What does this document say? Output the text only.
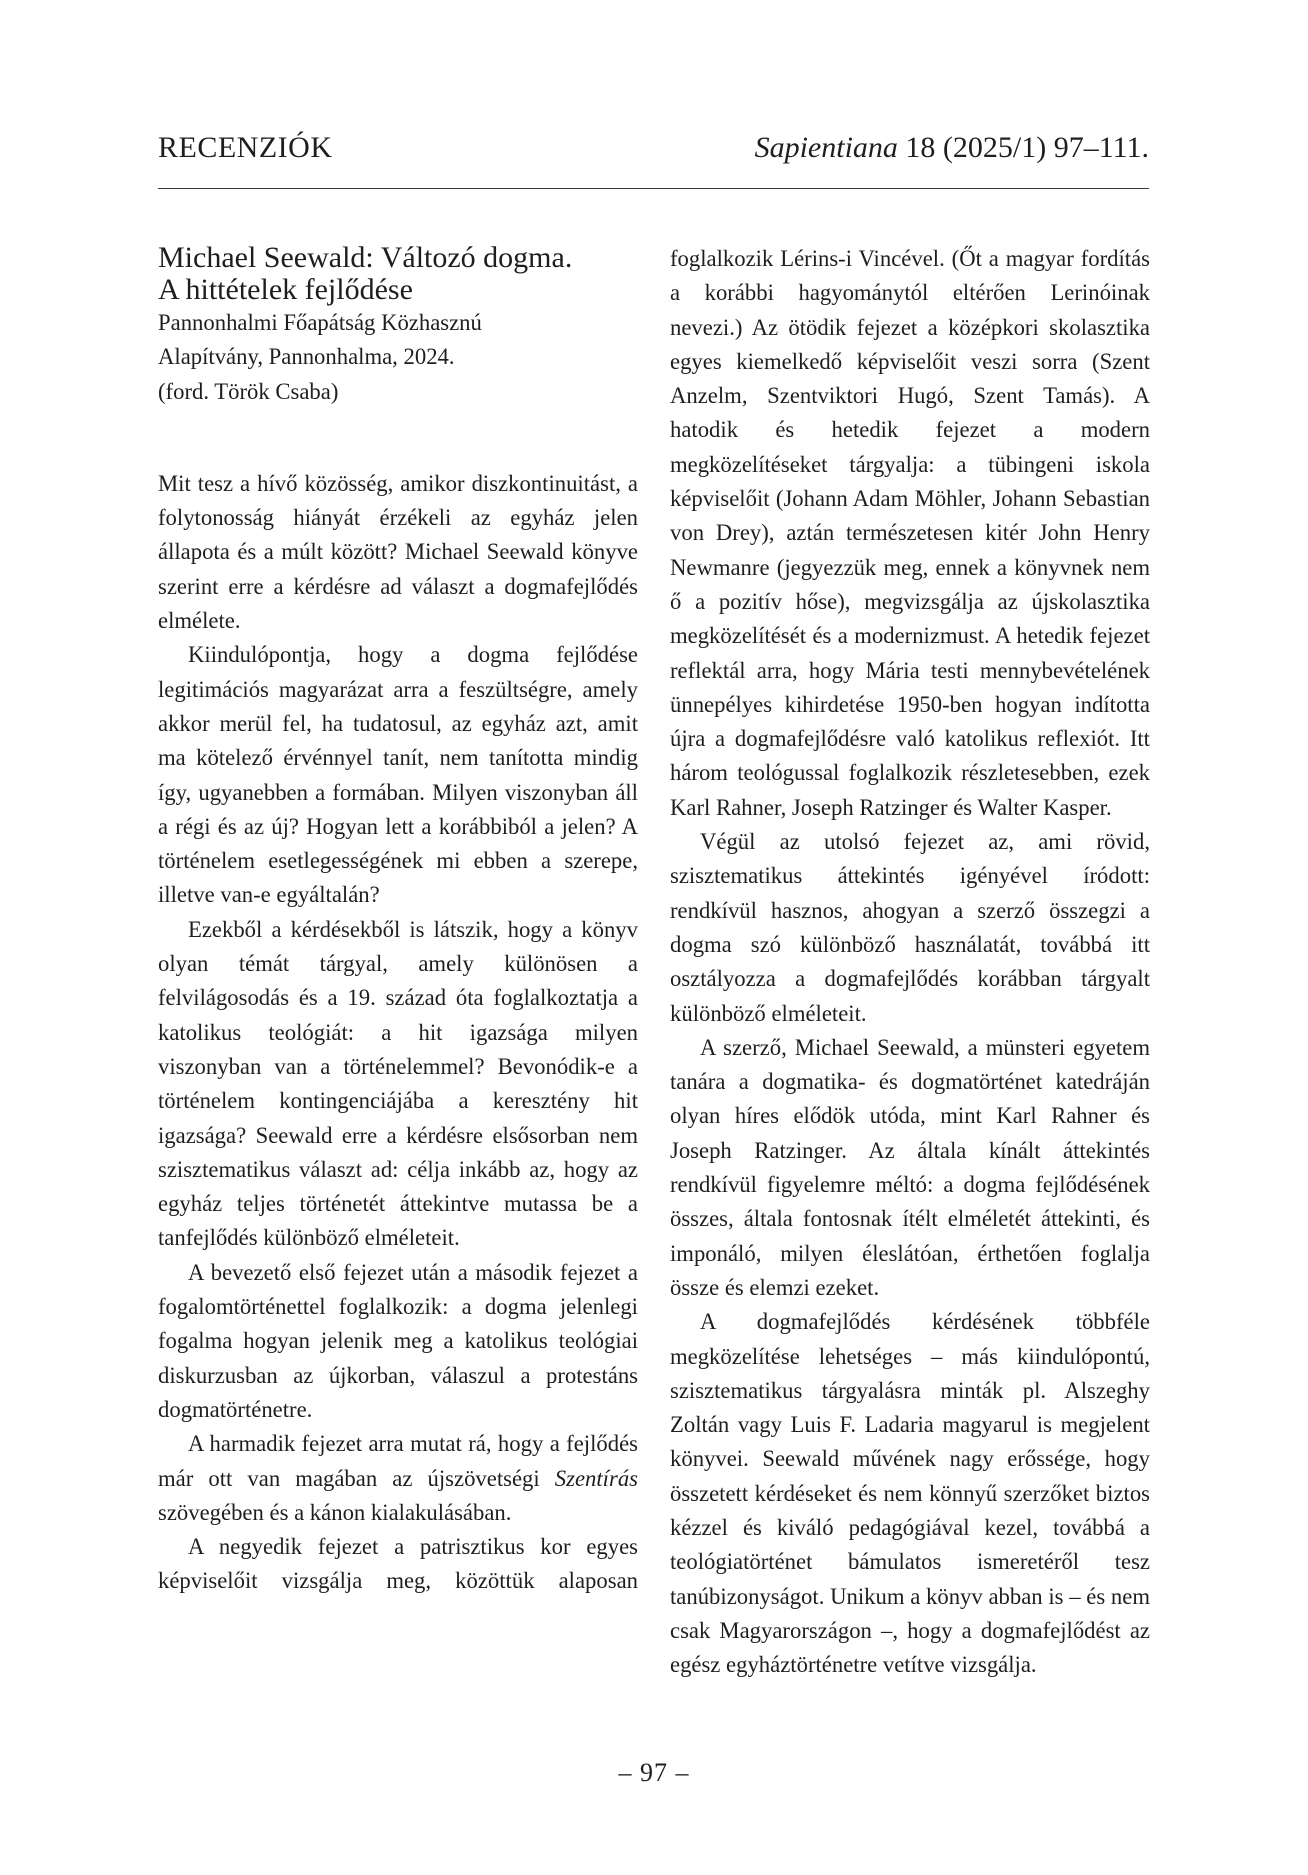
RECENZIÓK	Sapientiana 18 (2025/1) 97–111.
Michael Seewald: Változó dogma.
A hittételek fejlődése
Pannonhalmi Főapátság Közhasznú
Alapítvány, Pannonhalma, 2024.
(ford. Török Csaba)

Mit tesz a hívő közösség, amikor diszkontinuitást, a folytonosság hiányát érzékeli az egyház jelen állapota és a múlt között? Michael Seewald könyve szerint erre a kérdésre ad választ a dogmafejlődés elmélete.

Kiindulópontja, hogy a dogma fejlődése legitimációs magyarázat arra a feszültségre, amely akkor merül fel, ha tudatosul, az egyház azt, amit ma kötelező érvénnyel tanít, nem tanította mindig így, ugyanebben a formában. Milyen viszonyban áll a régi és az új? Hogyan lett a korábbiból a jelen? A történelem esetlegességének mi ebben a szerepe, illetve van-e egyáltalán?

Ezekből a kérdésekből is látszik, hogy a könyv olyan témát tárgyal, amely különösen a felvilágosodás és a 19. század óta foglalkoztatja a katolikus teológiát: a hit igazsága milyen viszonyban van a történelemmel? Bevonódik-e a történelem kontingenciájába a keresztény hit igazsága? Seewald erre a kérdésre elsősorban nem szisztematikus választ ad: célja inkább az, hogy az egyház teljes történetét áttekintve mutassa be a tanfejlődés különböző elméleteit.

A bevezető első fejezet után a második fejezet a fogalomtörténettel foglalkozik: a dogma jelenlegi fogalma hogyan jelenik meg a katolikus teológiai diskurzusban az újkorban, válaszul a protestáns dogmatörténetre.

A harmadik fejezet arra mutat rá, hogy a fejlődés már ott van magában az újszövetségi Szentírás szövegében és a kánon kialakulásában.

A negyedik fejezet a patrisztikus kor egyes képviselőit vizsgálja meg, közöttük alaposan

foglalkozik Lérins-i Vincével. (Őt a magyar fordítás a korábbi hagyománytól eltérően Lerinóinak nevezi.) Az ötödik fejezet a középkori skolasztika egyes kiemelkedő képviselőit veszi sorra (Szent Anzelm, Szentviktori Hugó, Szent Tamás). A hatodik és hetedik fejezet a modern megközelítéseket tárgyalja: a tübingeni iskola képviselőit (Johann Adam Möhler, Johann Sebastian von Drey), aztán természetesen kitér John Henry Newmanre (jegyezzük meg, ennek a könyvnek nem ő a pozitív hőse), megvizsgálja az újskolasztika megközelítését és a modernizmust. A hetedik fejezet reflektál arra, hogy Mária testi mennybevételének ünnepélyes kihirdetése 1950-ben hogyan indította újra a dogmafejlődésre való katolikus reflexiót. Itt három teológussal foglalkozik részletesebben, ezek Karl Rahner, Joseph Ratzinger és Walter Kasper.

Végül az utolsó fejezet az, ami rövid, szisztematikus áttekintés igényével íródott: rendkívül hasznos, ahogyan a szerző összegzi a dogma szó különböző használatát, továbbá itt osztályozza a dogmafejlődés korábban tárgyalt különböző elméleteit.

A szerző, Michael Seewald, a münsteri egyetem tanára a dogmatika- és dogmatörténet katedráján olyan híres elődök utóda, mint Karl Rahner és Joseph Ratzinger. Az általa kínált áttekintés rendkívül figyelemre méltó: a dogma fejlődésének összes, általa fontosnak ítélt elméletét áttekinti, és imponáló, milyen éleslátóan, érthetően foglalja össze és elemzi ezeket.

A dogmafejlődés kérdésének többféle megközelítése lehetséges – más kiindulópontú, szisztematikus tárgyalásra minták pl. Alszeghy Zoltán vagy Luis F. Ladaria magyarul is megjelent könyvei. Seewald művének nagy erőssége, hogy összetett kérdéseket és nem könnyű szerzőket biztos kézzel és kiváló pedagógiával kezel, továbbá a teológiatörténet bámulatos ismeretéről tesz tanúbizonyságot. Unikum a könyv abban is – és nem csak Magyarországon –, hogy a dogmafejlődést az egész egyháztörténetre vetítve vizsgálja.

– 97 –
